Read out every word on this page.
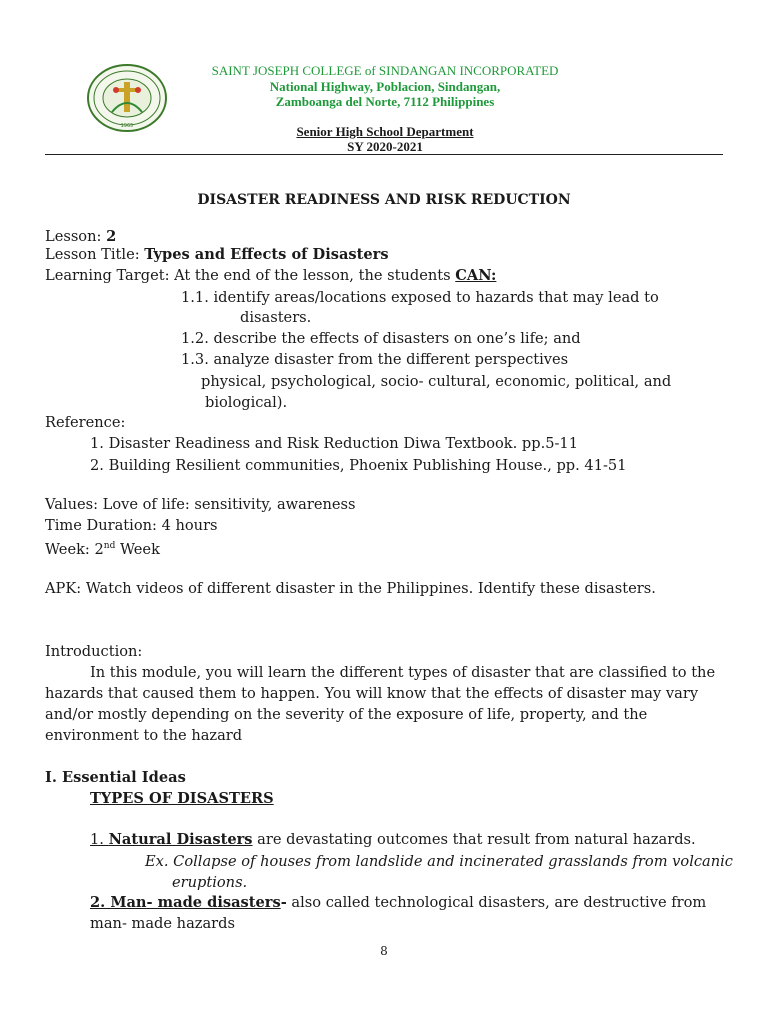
1965
SAINT JOSEPH COLLEGE of SINDANGAN INCORPORATED
National Highway, Poblacion, Sindangan,
Zamboanga del Norte, 7112 Philippines
Senior High School Department
SY 2020-2021
DISASTER READINESS AND RISK REDUCTION
Lesson: 2
Lesson Title: Types and Effects of Disasters
Learning Target: At the end of the lesson, the students CAN:
1.1. identify areas/locations exposed to hazards that may lead to
disasters.
1.2. describe the effects of disasters on one’s life; and
1.3. analyze disaster from the different perspectives
physical, psychological, socio- cultural, economic, political, and
biological).
Reference:
1. Disaster Readiness and Risk Reduction Diwa Textbook. pp.5-11
2. Building Resilient communities, Phoenix Publishing House., pp. 41-51
Values: Love of life: sensitivity, awareness
Time Duration: 4 hours
Week: 2nd Week
APK: Watch videos of different disaster in the Philippines. Identify these disasters.
Introduction:
In this module, you will learn the different types of disaster that are classified to the
hazards that caused them to happen. You will know that the effects of disaster may vary
and/or mostly depending on the severity of the exposure of life, property, and the
environment to the hazard
I. Essential Ideas
TYPES OF DISASTERS
1. Natural Disasters are devastating outcomes that result from natural hazards.
Ex. Collapse of houses from landslide and incinerated grasslands from volcanic
eruptions.
2. Man- made disasters- also called technological disasters, are destructive from
man- made hazards
8
